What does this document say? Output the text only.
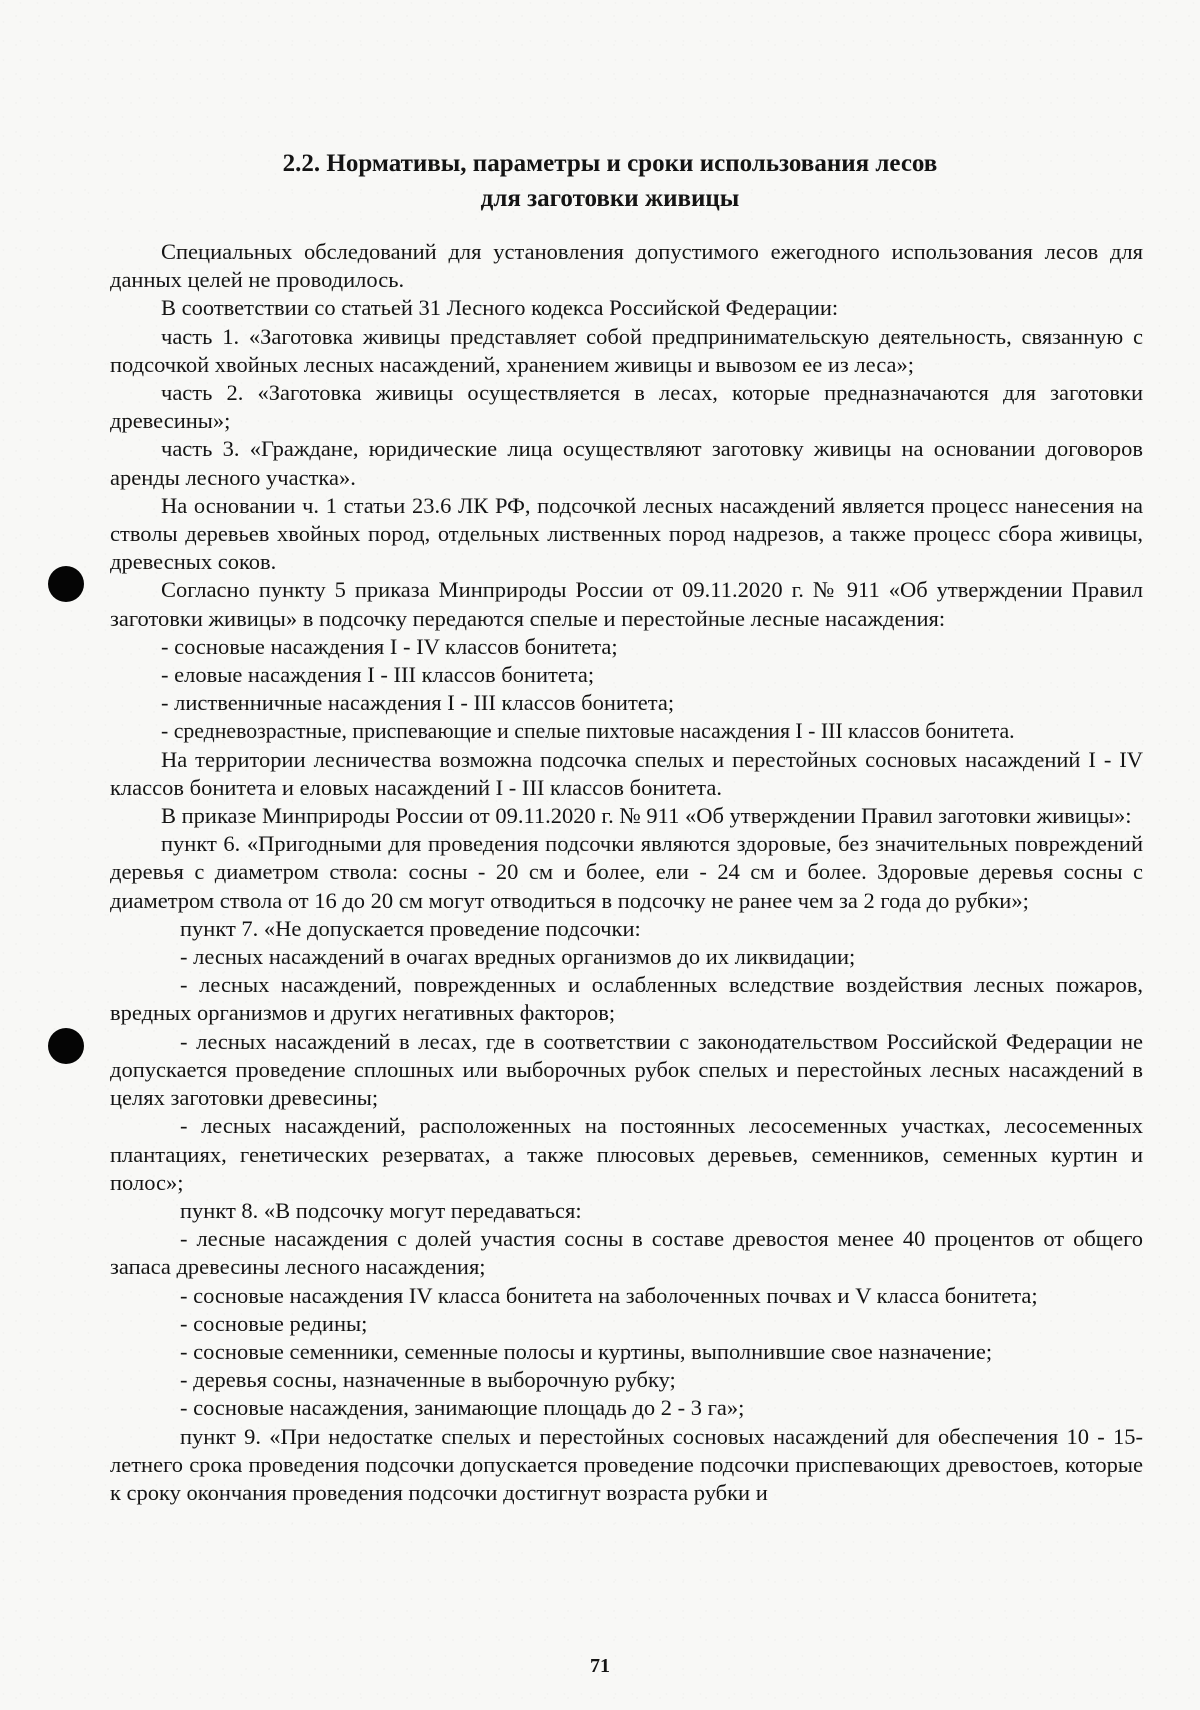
2.2. Нормативы, параметры и сроки использования лесов
для заготовки живицы

Специальных обследований для установления допустимого ежегодного использования лесов для данных целей не проводилось.

В соответствии со статьей 31 Лесного кодекса Российской Федерации:

часть 1. «Заготовка живицы представляет собой предпринимательскую деятельность, связанную с подсочкой хвойных лесных насаждений, хранением живицы и вывозом ее из леса»;

часть 2. «Заготовка живицы осуществляется в лесах, которые предназначаются для заготовки древесины»;

часть 3. «Граждане, юридические лица осуществляют заготовку живицы на основании договоров аренды лесного участка».

На основании ч. 1 статьи 23.6 ЛК РФ, подсочкой лесных насаждений является процесс нанесения на стволы деревьев хвойных пород, отдельных лиственных пород надрезов, а также процесс сбора живицы, древесных соков.

Согласно пункту 5 приказа Минприроды России от 09.11.2020 г. № 911 «Об утверждении Правил заготовки живицы» в подсочку передаются спелые и перестойные лесные насаждения:

- сосновые насаждения I - IV классов бонитета;

- еловые насаждения I - III классов бонитета;

- лиственничные насаждения I - III классов бонитета;

- средневозрастные, приспевающие и спелые пихтовые насаждения I - III классов бонитета.

На территории лесничества возможна подсочка спелых и перестойных сосновых насаждений I - IV классов бонитета и еловых насаждений I - III классов бонитета.

В приказе Минприроды России от 09.11.2020 г. № 911 «Об утверждении Правил заготовки живицы»:

пункт 6. «Пригодными для проведения подсочки являются здоровые, без значительных повреждений деревья с диаметром ствола: сосны - 20 см и более, ели - 24 см и более. Здоровые деревья сосны с диаметром ствола от 16 до 20 см могут отводиться в подсочку не ранее чем за 2 года до рубки»;

пункт 7. «Не допускается проведение подсочки:

- лесных насаждений в очагах вредных организмов до их ликвидации;

- лесных насаждений, поврежденных и ослабленных вследствие воздействия лесных пожаров, вредных организмов и других негативных факторов;

- лесных насаждений в лесах, где в соответствии с законодательством Российской Федерации не допускается проведение сплошных или выборочных рубок спелых и перестойных лесных насаждений в целях заготовки древесины;

- лесных насаждений, расположенных на постоянных лесосеменных участках, лесосеменных плантациях, генетических резерватах, а также плюсовых деревьев, семенников, семенных куртин и полос»;

пункт 8. «В подсочку могут передаваться:

- лесные насаждения с долей участия сосны в составе древостоя менее 40 процентов от общего запаса древесины лесного насаждения;

- сосновые насаждения IV класса бонитета на заболоченных почвах и V класса бонитета;

- сосновые редины;

- сосновые семенники, семенные полосы и куртины, выполнившие свое назначение;

- деревья сосны, назначенные в выборочную рубку;

- сосновые насаждения, занимающие площадь до 2 - 3 га»;

пункт 9. «При недостатке спелых и перестойных сосновых насаждений для обеспечения 10 - 15-летнего срока проведения подсочки допускается проведение подсочки приспевающих древостоев, которые к сроку окончания проведения подсочки достигнут возраста рубки и

71
